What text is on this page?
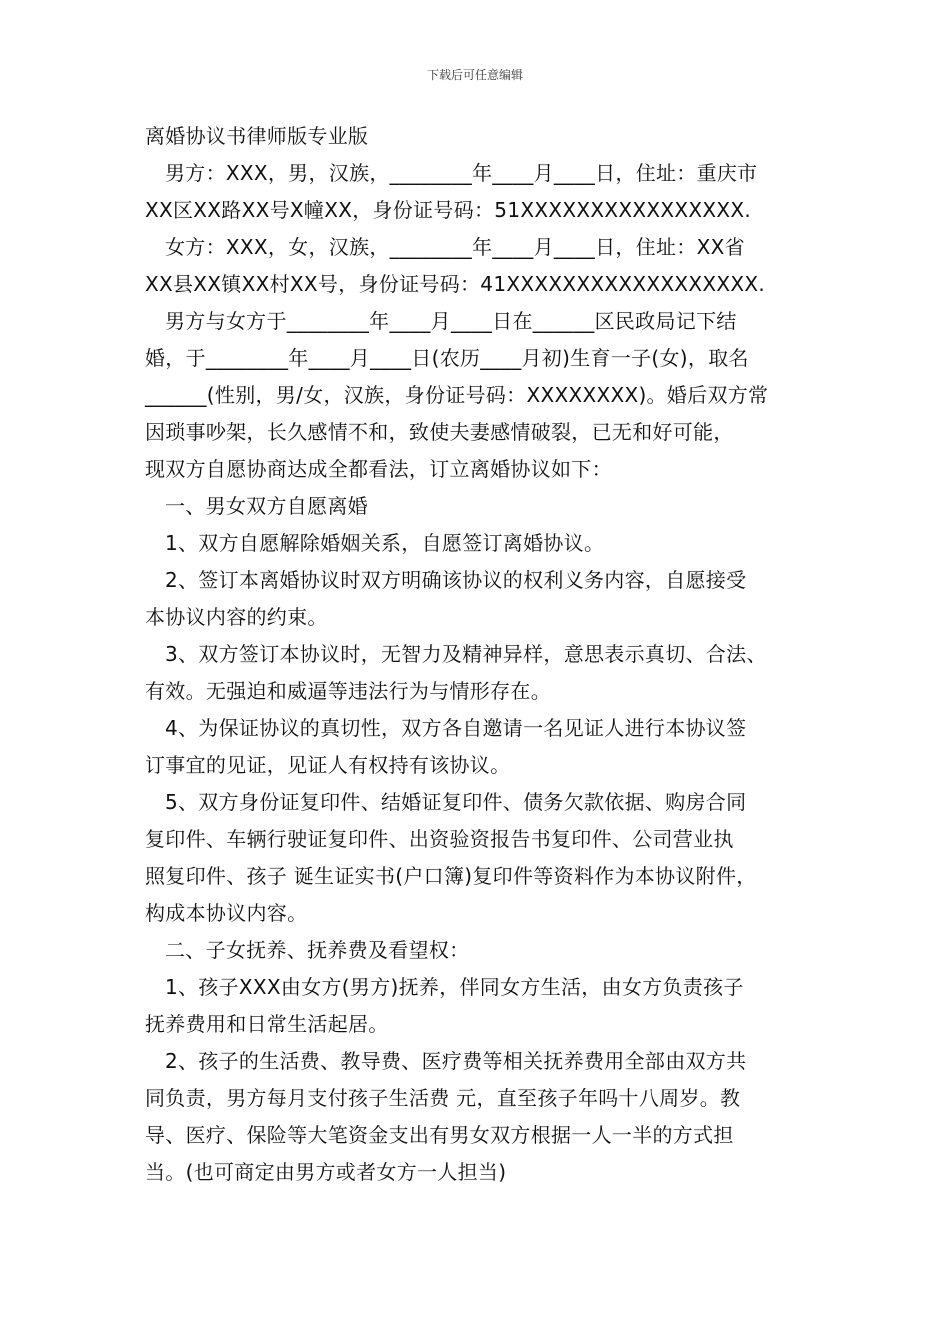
下载后可任意编辑
离婚协议书律师版专业版
男方：XXX，男，汉族，________年____月____日，住址：重庆市
XX区XX路XX号X幢XX，身份证号码：51XXXXXXXXXXXXXXXX.
女方：XXX，女，汉族，________年____月____日，住址：XX省
XX县XX镇XX村XX号，身份证号码：41XXXXXXXXXXXXXXXXXX.
男方与女方于________年____月____日在______区民政局记下结
婚，于________年____月____日(农历____月初)生育一子(女)，取名
______(性别，男/女，汉族，身份证号码：XXXXXXXX)。婚后双方常
因琐事吵架，长久感情不和，致使夫妻感情破裂，已无和好可能，
现双方自愿协商达成全都看法，订立离婚协议如下：
一、男女双方自愿离婚
1、双方自愿解除婚姻关系，自愿签订离婚协议。
2、签订本离婚协议时双方明确该协议的权利义务内容，自愿接受
本协议内容的约束。
3、双方签订本协议时，无智力及精神异样，意思表示真切、合法、
有效。无强迫和威逼等违法行为与情形存在。
4、为保证协议的真切性，双方各自邀请一名见证人进行本协议签
订事宜的见证，见证人有权持有该协议。
5、双方身份证复印件、结婚证复印件、债务欠款依据、购房合同
复印件、车辆行驶证复印件、出资验资报告书复印件、公司营业执
照复印件、孩子 诞生证实书(户口簿)复印件等资料作为本协议附件，
构成本协议内容。
二、子女抚养、抚养费及看望权：
1、孩子XXX由女方(男方)抚养，伴同女方生活，由女方负责孩子
抚养费用和日常生活起居。
2、孩子的生活费、教导费、医疗费等相关抚养费用全部由双方共
同负责，男方每月支付孩子生活费 元，直至孩子年吗十八周岁。教
导、医疗、保险等大笔资金支出有男女双方根据一人一半的方式担
当。(也可商定由男方或者女方一人担当)
